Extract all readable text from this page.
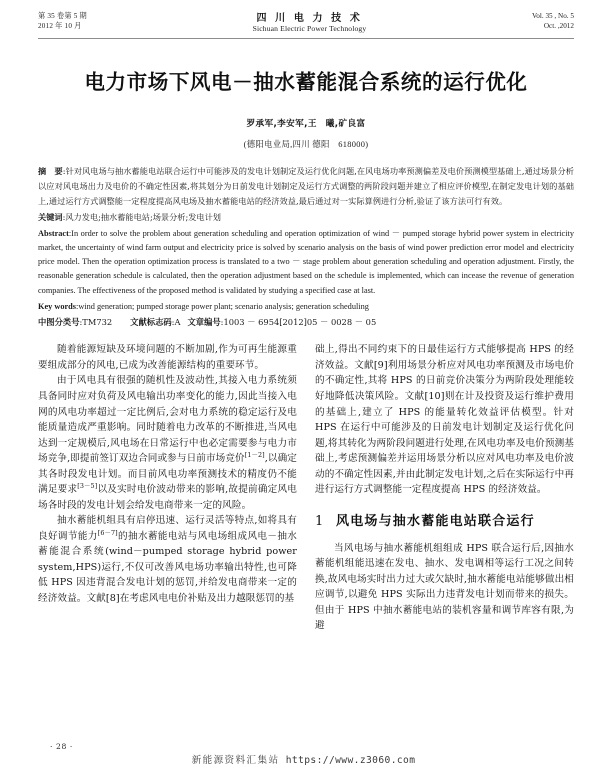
第 35 卷第 5 期
2012 年 10 月
四 川 电 力 技 术
Sichuan Electric Power Technology
Vol. 35 , No. 5
Oct. ,2012
电力市场下风电－抽水蓄能混合系统的运行优化
罗承军,李安军,王　曦,矿良富
(德阳电业局,四川 德阳　618000)
摘　要:针对风电场与抽水蓄能电站联合运行中可能涉及的发电计划制定及运行优化问题,在风电场功率预测偏差及电价预测模型基础上,通过场景分析以应对风电场出力及电价的不确定性因素,将其划分为日前发电计划制定及运行方式调整的两阶段问题并建立了相应评价模型,在制定发电计划的基础上,通过运行方式调整能一定程度提高风电场及抽水蓄能电站的经济效益,最后通过对一实际算例进行分析,验证了该方法可行有效。
关键词:风力发电;抽水蓄能电站;场景分析;发电计划
Abstract:In order to solve the problem about generation scheduling and operation optimization of wind － pumped storage hybrid power system in electricity market, the uncertainty of wind farm output and electricity price is solved by scenario analysis on the basis of wind power prediction error model and electricity price model. Then the operation optimization process is translated to a two － stage problem about generation scheduling and operation adjustment. Firstly, the reasonable generation schedule is calculated, then the operation adjustment based on the schedule is implemented, which can incease the revenue of generation companies. The effectiveness of the proposed method is validated by studying a specified case at last.
Key words:wind generation; pumped storage power plant; scenario analysis; generation scheduling
中图分类号:TM732 文献标志码:A 文章编号:1003 － 6954[2012]05 － 0028 － 05

随着能源短缺及环境问题的不断加剧,作为可再生能源重要组成部分的风电,已成为改善能源结构的重要环节。

由于风电具有很强的随机性及波动性,其接入电力系统须具备同时应对负荷及风电输出功率变化的能力,因此当接入电网的风电功率超过一定比例后,会对电力系统的稳定运行及电能质量造成严重影响。同时随着电力改革的不断推进,当风电达到一定规模后,风电场在日常运行中也必定需要参与电力市场竞争,即提前签订双边合同或参与日前市场竞价[1－2],以确定其各时段发电计划。而目前风电功率预测技术的精度仍不能满足要求[3－5]以及实时电价波动带来的影响,故提前确定风电场各时段的发电计划会给发电商带来一定的风险。

抽水蓄能机组具有启停迅速、运行灵活等特点,如将具有良好调节能力[6－7]的抽水蓄能电站与风电场组成风电－抽水蓄能混合系统(wind－pumped storage hybrid power system,HPS)运行,不仅可改善风电场功率输出特性,也可降低 HPS 因违背混合发电计划的惩罚,并给发电商带来一定的经济效益。文献[8]在考虑风电电价补贴及出力越限惩罚的基

础上,得出不同约束下的日最佳运行方式能够提高 HPS 的经济效益。文献[9]利用场景分析应对风电功率预测及市场电价的不确定性,其将 HPS 的日前竞价决策分为两阶段处理能较好地降低决策风险。文献[10]则在计及投资及运行维护费用的基础上,建立了 HPS 的能量转化效益评估模型。针对 HPS 在运行中可能涉及的日前发电计划制定及运行优化问题,将其转化为两阶段问题进行处理,在风电功率及电价预测基础上,考虑预测偏差并运用场景分析以应对风电功率及电价波动的不确定性因素,并由此制定发电计划,之后在实际运行中再进行运行方式调整能一定程度提高 HPS 的经济效益。

1 风电场与抽水蓄能电站联合运行

当风电场与抽水蓄能机组组成 HPS 联合运行后,因抽水蓄能机组能迅速在发电、抽水、发电调相等运行工况之间转换,故风电场实时出力过大或欠缺时,抽水蓄能电站能够做出相应调节,以避免 HPS 实际出力违背发电计划而带来的损失。但由于 HPS 中抽水蓄能电站的装机容量和调节库容有限,为避

· 28 ·
新能源资料汇集站 https://www.z3060.com
